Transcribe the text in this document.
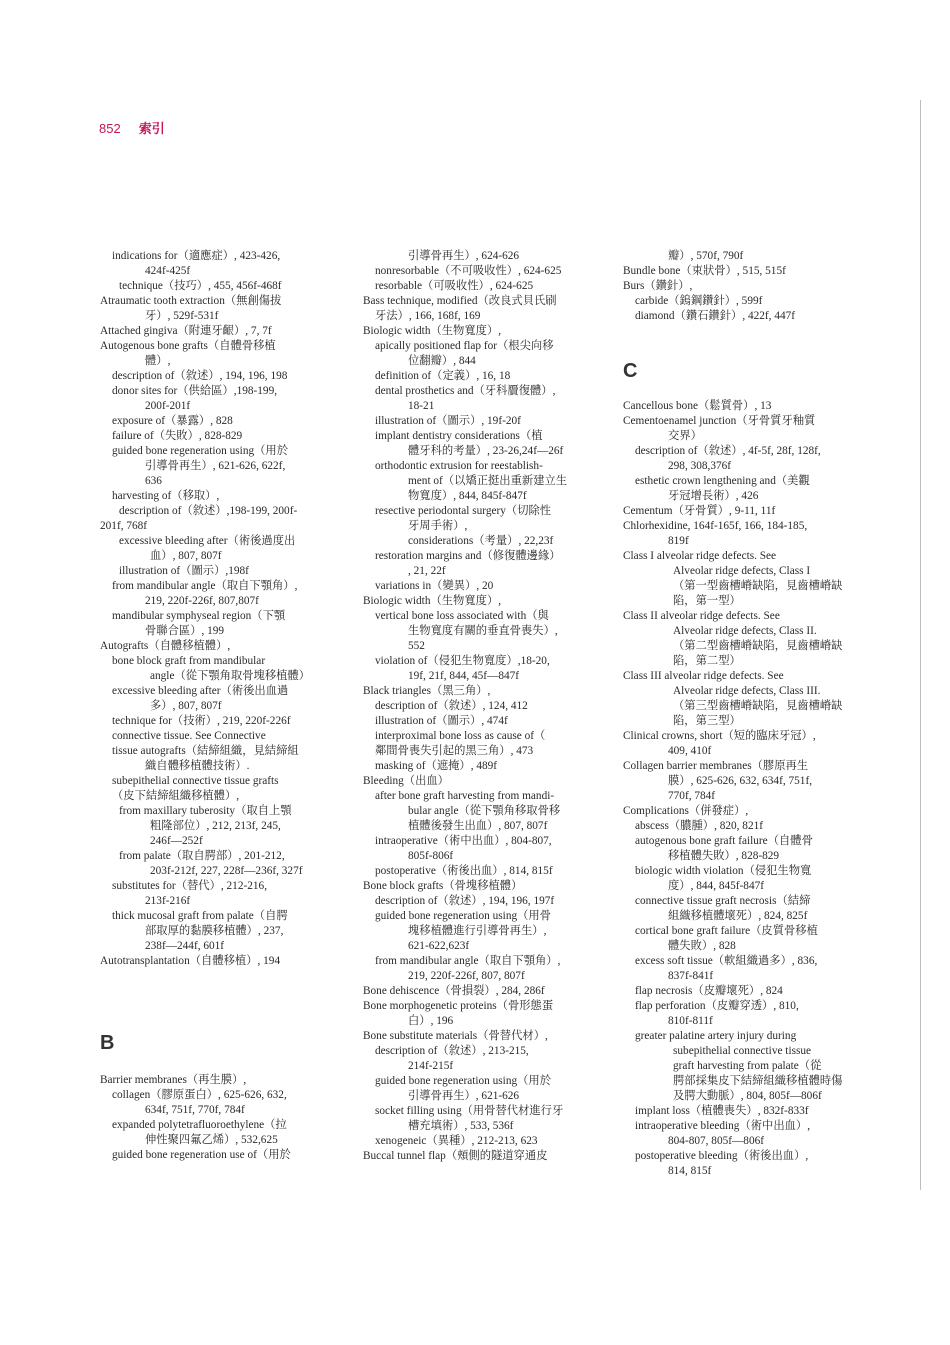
852 索引
indications for（適應症）, 423-426,
424f-425f
technique（技巧）, 455, 456f-468f
Atraumatic tooth extraction（無創傷拔
牙）, 529f-531f
Attached gingiva（附連牙齦）, 7, 7f
Autogenous bone grafts（自體骨移植
體）,
description of（敘述）, 194, 196, 198
donor sites for（供給區）,198-199,
200f-201f
exposure of（暴露）, 828
failure of（失敗）, 828-829
guided bone regeneration using（用於
引導骨再生）, 621-626, 622f,
636
harvesting of（移取）,
description of（敘述）,198-199, 200f-
201f, 768f
excessive bleeding after（術後過度出
血）, 807, 807f
illustration of（圖示）,198f
from mandibular angle（取自下顎角）,
219, 220f-226f, 807,807f
mandibular symphyseal region（下顎
骨聯合區）, 199
Autografts（自體移植體）,
bone block graft from mandibular
angle（從下顎角取骨塊移植體）
excessive bleeding after（術後出血過
多）, 807, 807f
technique for（技術）, 219, 220f-226f
connective tissue. See Connective
tissue autografts（結締組織，見結締組
織自體移植體技術）.
subepithelial connective tissue grafts
（皮下結締組織移植體）,
from maxillary tuberosity（取自上顎
粗隆部位）, 212, 213f, 245,
246f—252f
from palate（取自腭部）, 201-212,
203f-212f, 227, 228f—236f, 327f
substitutes for（替代）, 212-216,
213f-216f
thick mucosal graft from palate（自腭
部取厚的黏膜移植體）, 237,
238f—244f, 601f
Autotransplantation（自體移植）, 194
B
Barrier membranes（再生膜）,
collagen（膠原蛋白）, 625-626, 632,
634f, 751f, 770f, 784f
expanded polytetrafluoroethylene（拉
伸性聚四氟乙烯）, 532,625
guided bone regeneration use of（用於
引導骨再生）, 624-626
nonresorbable（不可吸收性）, 624-625
resorbable（可吸收性）, 624-625
Bass technique, modified（改良式貝氏刷
牙法）, 166, 168f, 169
Biologic width（生物寬度）,
apically positioned flap for（根尖向移
位翻瓣）, 844
definition of（定義）, 16, 18
dental prosthetics and（牙科贗復體）,
18-21
illustration of（圖示）, 19f-20f
implant dentistry considerations（植
體牙科的考量）, 23-26,24f—26f
orthodontic extrusion for reestablish-
ment of（以矯正挺出重新建立生
物寬度）, 844, 845f-847f
resective periodontal surgery（切除性
牙周手術）,
considerations（考量）, 22,23f
restoration margins and（修復體邊緣）
, 21, 22f
variations in（變異）, 20
Biologic width（生物寬度）,
vertical bone loss associated with（與
生物寬度有關的垂直骨喪失）,
552
violation of（侵犯生物寬度）,18-20,
19f, 21f, 844, 45f—847f
Black triangles（黑三角）,
description of（敘述）, 124, 412
illustration of（圖示）, 474f
interproximal bone loss as cause of（
鄰間骨喪失引起的黑三角）, 473
masking of（遮掩）, 489f
Bleeding（出血）
after bone graft harvesting from mandi-
bular angle（從下顎角移取骨移
植體後發生出血）, 807, 807f
intraoperative（術中出血）, 804-807,
805f-806f
postoperative（術後出血）, 814, 815f
Bone block grafts（骨塊移植體）
description of（敘述）, 194, 196, 197f
guided bone regeneration using（用骨
塊移植體進行引導骨再生）,
621-622,623f
from mandibular angle（取自下顎角）,
219, 220f-226f, 807, 807f
Bone dehiscence（骨損裂）, 284, 286f
Bone morphogenetic proteins（骨形態蛋
白）, 196
Bone substitute materials（骨替代材）,
description of（敘述）, 213-215,
214f-215f
guided bone regeneration using（用於
引導骨再生）, 621-626
socket filling using（用骨替代材進行牙
槽充填術）, 533, 536f
xenogeneic（異種）, 212-213, 623
Buccal tunnel flap（頰側的隧道穿通皮
瓣）, 570f, 790f
Bundle bone（束狀骨）, 515, 515f
Burs（鑽針）,
carbide（鎢鋼鑽針）, 599f
diamond（鑽石鑽針）, 422f, 447f
C
Cancellous bone（鬆質骨）, 13
Cementoenamel junction（牙骨質牙釉質
交界）
description of（敘述）, 4f-5f, 28f, 128f,
298, 308,376f
esthetic crown lengthening and（美觀
牙冠增長術）, 426
Cementum（牙骨質）, 9-11, 11f
Chlorhexidine, 164f-165f, 166, 184-185,
819f
Class I alveolar ridge defects. See
Alveolar ridge defects, Class I
（第一型齒槽嵴缺陷，見齒槽嵴缺
陷，第一型）
Class II alveolar ridge defects. See
Alveolar ridge defects, Class II.
（第二型齒槽嵴缺陷，見齒槽嵴缺
陷，第二型）
Class III alveolar ridge defects. See
Alveolar ridge defects, Class III.
（第三型齒槽嵴缺陷，見齒槽嵴缺
陷，第三型）
Clinical crowns, short（短的臨床牙冠）,
409, 410f
Collagen barrier membranes（膠原再生
膜）, 625-626, 632, 634f, 751f,
770f, 784f
Complications（併發症）,
abscess（膿腫）, 820, 821f
autogenous bone graft failure（自體骨
移植體失敗）, 828-829
biologic width violation（侵犯生物寬
度）, 844, 845f-847f
connective tissue graft necrosis（結締
組織移植體壞死）, 824, 825f
cortical bone graft failure（皮質骨移植
體失敗）, 828
excess soft tissue（軟組織過多）, 836,
837f-841f
flap necrosis（皮瓣壞死）, 824
flap perforation（皮瓣穿透）, 810,
810f-811f
greater palatine artery injury during
subepithelial connective tissue
graft harvesting from palate（從
腭部採集皮下結締組織移植體時傷
及腭大動脈）, 804, 805f—806f
implant loss（植體喪失）, 832f-833f
intraoperative bleeding（術中出血）,
804-807, 805f—806f
postoperative bleeding（術後出血）,
814, 815f
